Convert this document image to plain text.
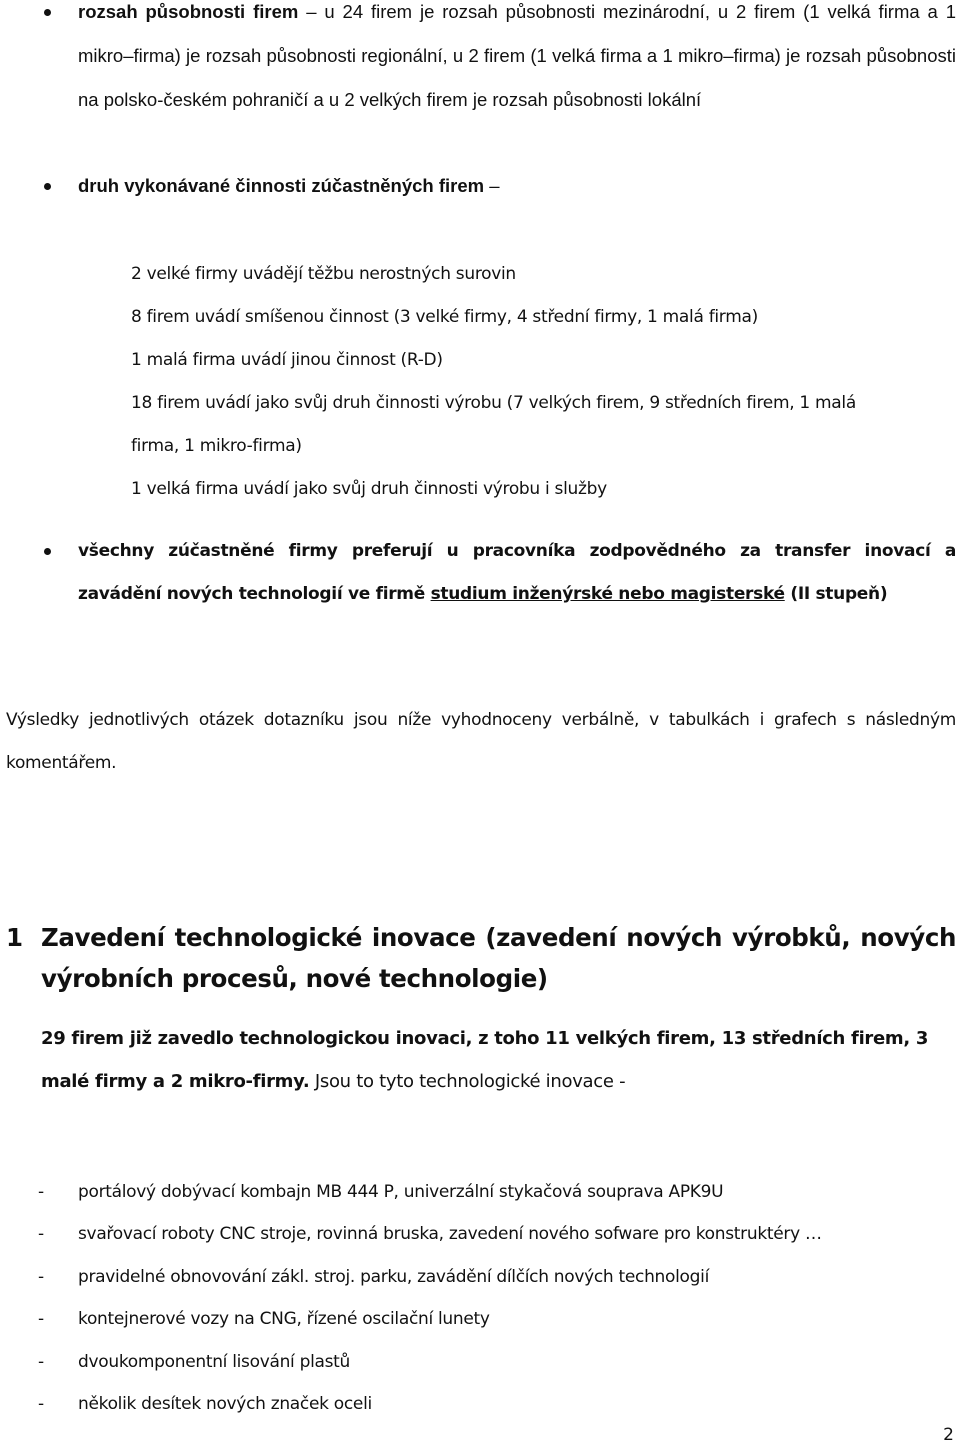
rozsah působnosti firem – u 24 firem je rozsah působnosti mezinárodní, u 2 firem (1 velká firma a 1 mikro–firma) je rozsah působnosti regionální, u 2 firem (1 velká firma a 1 mikro–firma) je rozsah působnosti na polsko-českém pohraničí a u 2 velkých firem je rozsah působnosti lokální
druh vykonávané činnosti zúčastněných firem –
2 velké firmy uvádějí těžbu nerostných surovin
8 firem uvádí smíšenou činnost (3 velké firmy, 4 střední firmy, 1 malá firma)
1 malá firma uvádí jinou činnost (R-D)
18 firem uvádí jako svůj druh činnosti výrobu (7 velkých firem, 9 středních firem, 1 malá firma, 1 mikro-firma)
1 velká firma uvádí jako svůj druh činnosti výrobu i služby
všechny zúčastněné firmy preferují u pracovníka zodpovědného za transfer inovací a zavádění nových technologií ve firmě studium inženýrské nebo magisterské (II stupeň)
Výsledky jednotlivých otázek dotazníku jsou níže vyhodnoceny verbálně, v tabulkách i grafech s následným komentářem.
1 Zavedení technologické inovace (zavedení nových výrobků, nových výrobních procesů, nové technologie)
29 firem již zavedlo technologickou inovaci, z toho 11 velkých firem, 13 středních firem, 3 malé firmy a 2 mikro-firmy. Jsou to tyto technologické inovace -
- portálový dobývací kombajn MB 444 P, univerzální stykačová souprava APK9U
- svařovací roboty CNC stroje, rovinná bruska, zavedení nového sofware pro konstruktéry …
- pravidelné obnovování zákl. stroj. parku, zavádění dílčích nových technologií
- kontejnerové vozy na CNG, řízené oscilační lunety
- dvoukomponentní lisování plastů
- několik desítek nových značek oceli
2
